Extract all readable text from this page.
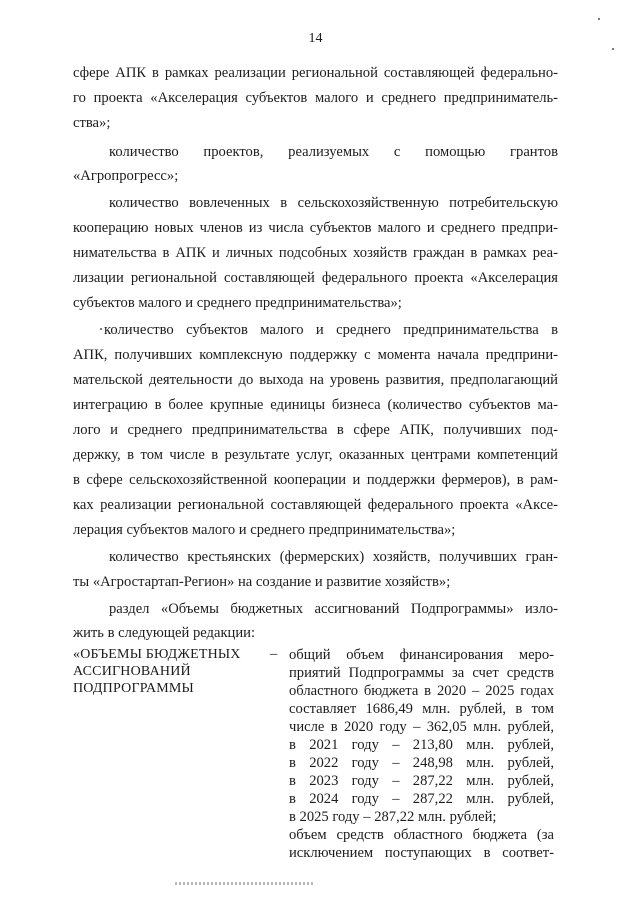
14
сфере АПК в рамках реализации региональной составляющей федерально-
го проекта «Акселерация субъектов малого и среднего предприниматель-
ства»;
количество проектов, реализуемых с помощью грантов
«Агропрогресс»;
количество вовлеченных в сельскохозяйственную потребительскую
кооперацию новых членов из числа субъектов малого и среднего предпри-
нимательства в АПК и личных подсобных хозяйств граждан в рамках реа-
лизации региональной составляющей федерального проекта «Акселерация
субъектов малого и среднего предпринимательства»;
количество субъектов малого и среднего предпринимательства в
АПК, получивших комплексную поддержку с момента начала предприни-
мательской деятельности до выхода на уровень развития, предполагающий
интеграцию в более крупные единицы бизнеса (количество субъектов ма-
лого и среднего предпринимательства в сфере АПК, получивших под-
держку, в том числе в результате услуг, оказанных центрами компетенций
в сфере сельскохозяйственной кооперации и поддержки фермеров), в рам-
ках реализации региональной составляющей федерального проекта «Акce-
лерация субъектов малого и среднего предпринимательства»;
количество крестьянских (фермерских) хозяйств, получивших гран-
ты «Агростартап-Регион» на создание и развитие хозяйств»;
раздел «Объемы бюджетных ассигнований Подпрограммы» изло-
жить в следующей редакции:
«ОБЪЕМЫ БЮДЖЕТНЫХ
АССИГНОВАНИЙ
ПОДПРОГРАММЫ
– общий объем финансирования меро-
приятий Подпрограммы за счет средств
областного бюджета в 2020 – 2025 годах
составляет 1686,49 млн. рублей, в том
числе в 2020 году – 362,05 млн. рублей,
в 2021 году – 213,80 млн. рублей,
в 2022 году – 248,98 млн. рублей,
в 2023 году – 287,22 млн. рублей,
в 2024 году – 287,22 млн. рублей,
в 2025 году – 287,22 млн. рублей;
объем средств областного бюджета (за
исключением поступающих в соответ-
